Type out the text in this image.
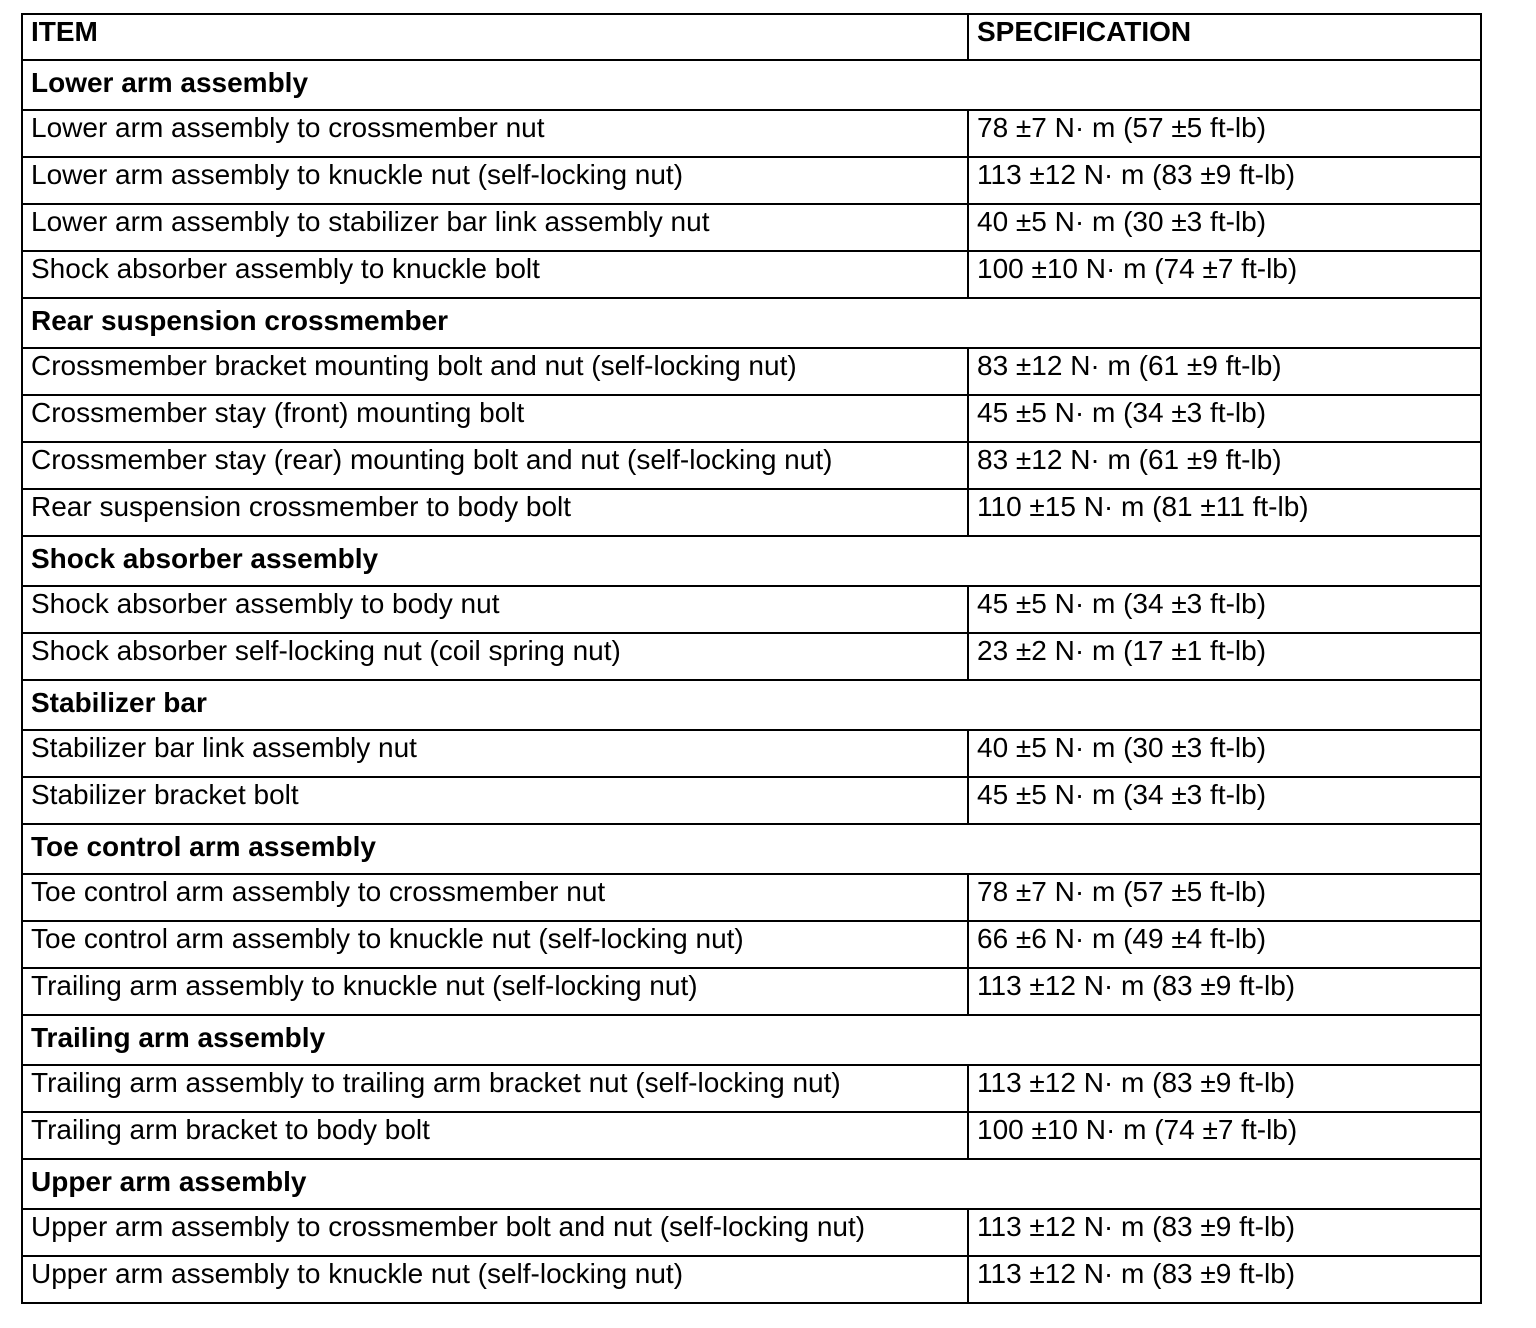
ITEM	SPECIFICATION
Lower arm assembly	
Lower arm assembly to crossmember nut	78 ±7 N· m (57 ±5 ft-lb)
Lower arm assembly to knuckle nut (self-locking nut)	113 ±12 N· m (83 ±9 ft-lb)
Lower arm assembly to stabilizer bar link assembly nut	40 ±5 N· m (30 ±3 ft-lb)
Shock absorber assembly to knuckle bolt	100 ±10 N· m (74 ±7 ft-lb)
Rear suspension crossmember	
Crossmember bracket mounting bolt and nut (self-locking nut)	83 ±12 N· m (61 ±9 ft-lb)
Crossmember stay (front) mounting bolt	45 ±5 N· m (34 ±3 ft-lb)
Crossmember stay (rear) mounting bolt and nut (self-locking nut)	83 ±12 N· m (61 ±9 ft-lb)
Rear suspension crossmember to body bolt	110 ±15 N· m (81 ±11 ft-lb)
Shock absorber assembly	
Shock absorber assembly to body nut	45 ±5 N· m (34 ±3 ft-lb)
Shock absorber self-locking nut (coil spring nut)	23 ±2 N· m (17 ±1 ft-lb)
Stabilizer bar	
Stabilizer bar link assembly nut	40 ±5 N· m (30 ±3 ft-lb)
Stabilizer bracket bolt	45 ±5 N· m (34 ±3 ft-lb)
Toe control arm assembly	
Toe control arm assembly to crossmember nut	78 ±7 N· m (57 ±5 ft-lb)
Toe control arm assembly to knuckle nut (self-locking nut)	66 ±6 N· m (49 ±4 ft-lb)
Trailing arm assembly to knuckle nut (self-locking nut)	113 ±12 N· m (83 ±9 ft-lb)
Trailing arm assembly	
Trailing arm assembly to trailing arm bracket nut (self-locking nut)	113 ±12 N· m (83 ±9 ft-lb)
Trailing arm bracket to body bolt	100 ±10 N· m (74 ±7 ft-lb)
Upper arm assembly	
Upper arm assembly to crossmember bolt and nut (self-locking nut)	113 ±12 N· m (83 ±9 ft-lb)
Upper arm assembly to knuckle nut (self-locking nut)	113 ±12 N· m (83 ±9 ft-lb)
